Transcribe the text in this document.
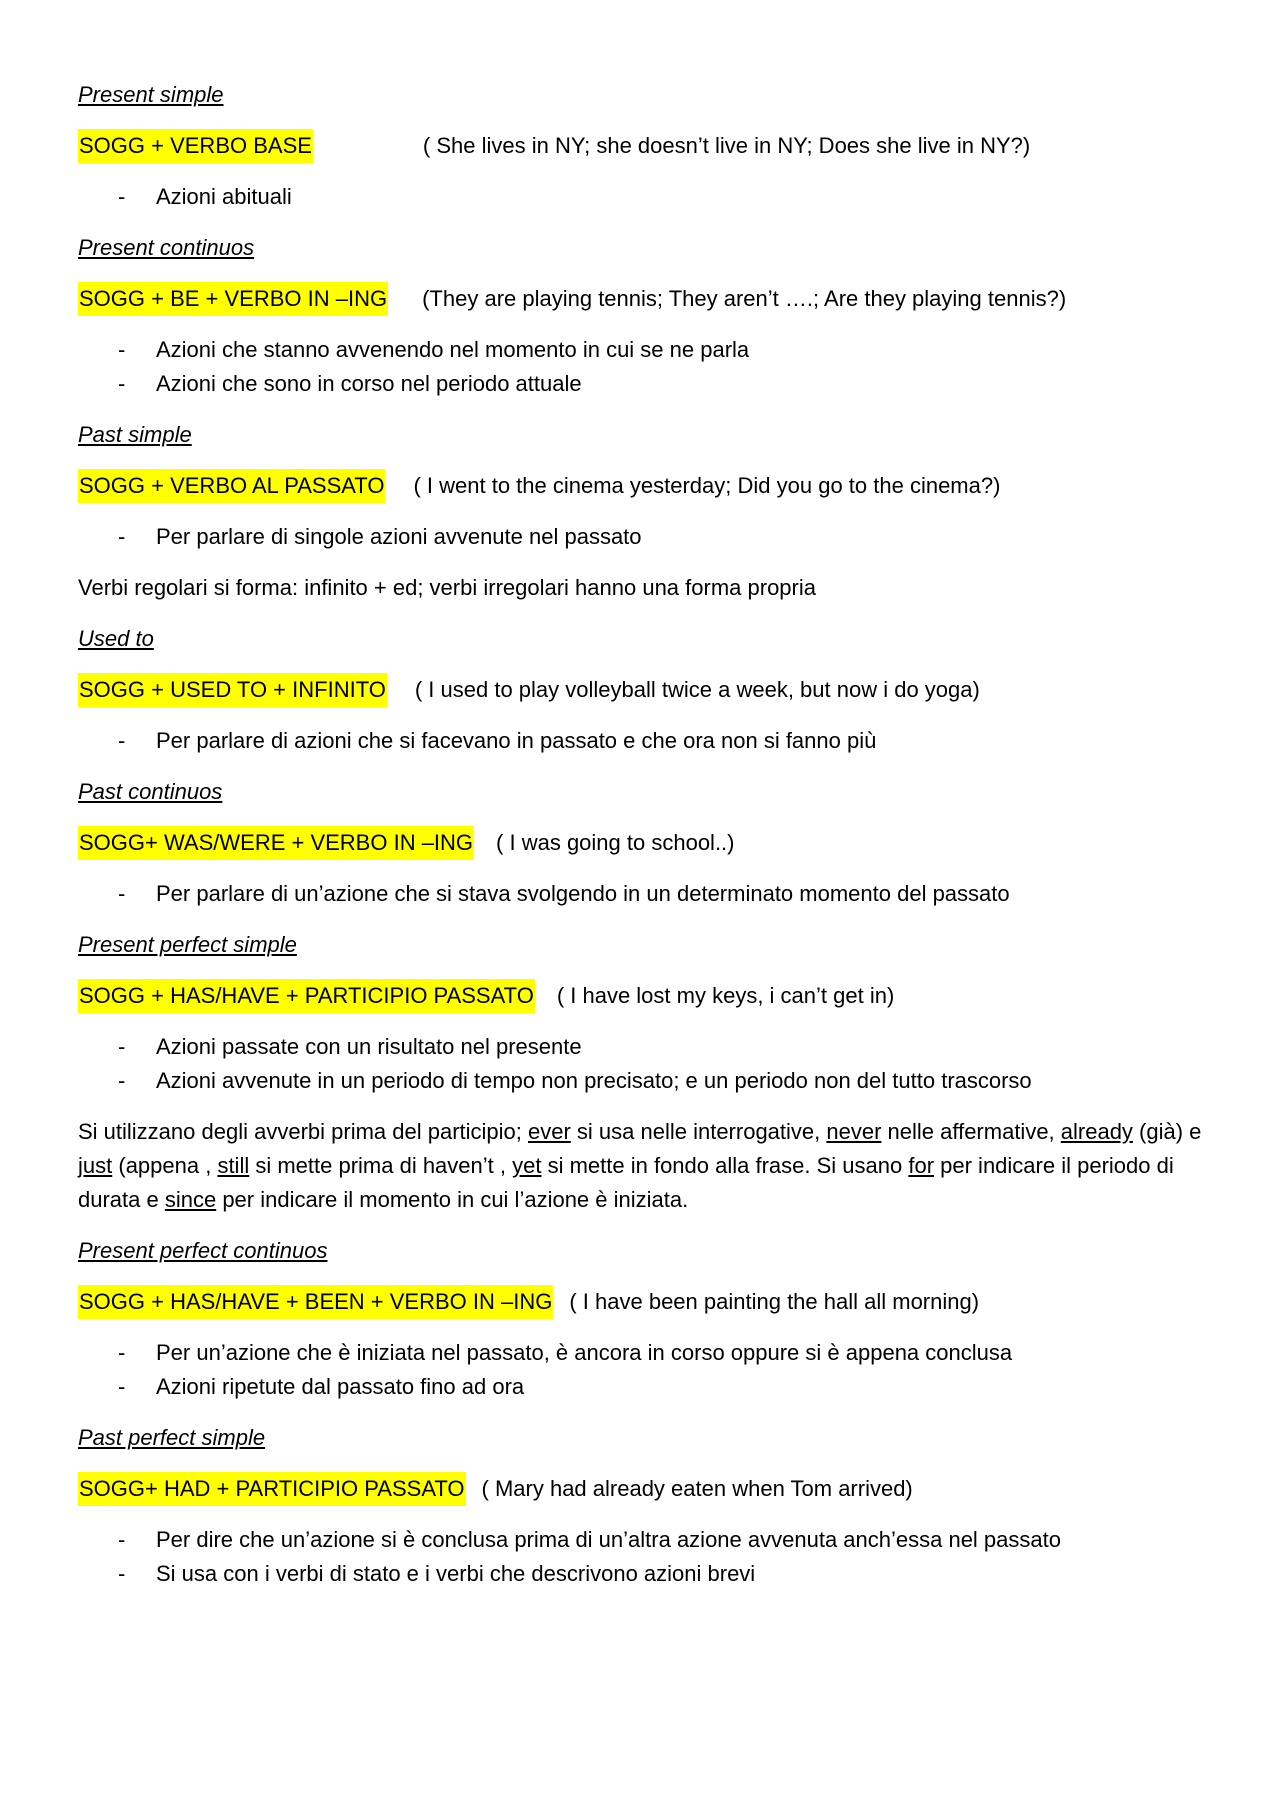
Present simple
SOGG + VERBO BASE	( She lives in NY; she doesn’t live in NY; Does she live in NY?)
- Azioni abituali
Present continuos
SOGG + BE + VERBO IN –ING (They are playing tennis; They aren’t ….; Are they playing tennis?)
- Azioni che stanno avvenendo nel momento in cui se ne parla
- Azioni che sono in corso nel periodo attuale
Past simple
SOGG + VERBO AL PASSATO ( I went to the cinema yesterday; Did you go to the cinema?)
- Per parlare di singole azioni avvenute nel passato

Verbi regolari si forma: infinito + ed; verbi irregolari hanno una forma propria

Used to
SOGG + USED TO + INFINITO ( I used to play volleyball twice a week, but now i do yoga)
- Per parlare di azioni che si facevano in passato e che ora non si fanno più
Past continuos
SOGG+ WAS/WERE + VERBO IN –ING ( I was going to school..)
- Per parlare di un’azione che si stava svolgendo in un determinato momento del passato
Present perfect simple
SOGG + HAS/HAVE + PARTICIPIO PASSATO ( I have lost my keys, i can’t get in)
- Azioni passate con un risultato nel presente
- Azioni avvenute in un periodo di tempo non precisato; e un periodo non del tutto trascorso

Si utilizzano degli avverbi prima del participio; ever si usa nelle interrogative, never nelle affermative, already (già) e just (appena , still si mette prima di haven’t , yet si mette in fondo alla frase. Si usano for per indicare il periodo di durata e since per indicare il momento in cui l’azione è iniziata.

Present perfect continuos
SOGG + HAS/HAVE + BEEN + VERBO IN –ING ( I have been painting the hall all morning)
- Per un’azione che è iniziata nel passato, è ancora in corso oppure si è appena conclusa
- Azioni ripetute dal passato fino ad ora
Past perfect simple
SOGG+ HAD + PARTICIPIO PASSATO ( Mary had already eaten when Tom arrived)
- Per dire che un’azione si è conclusa prima di un’altra azione avvenuta anch’essa nel passato
- Si usa con i verbi di stato e i verbi che descrivono azioni brevi
